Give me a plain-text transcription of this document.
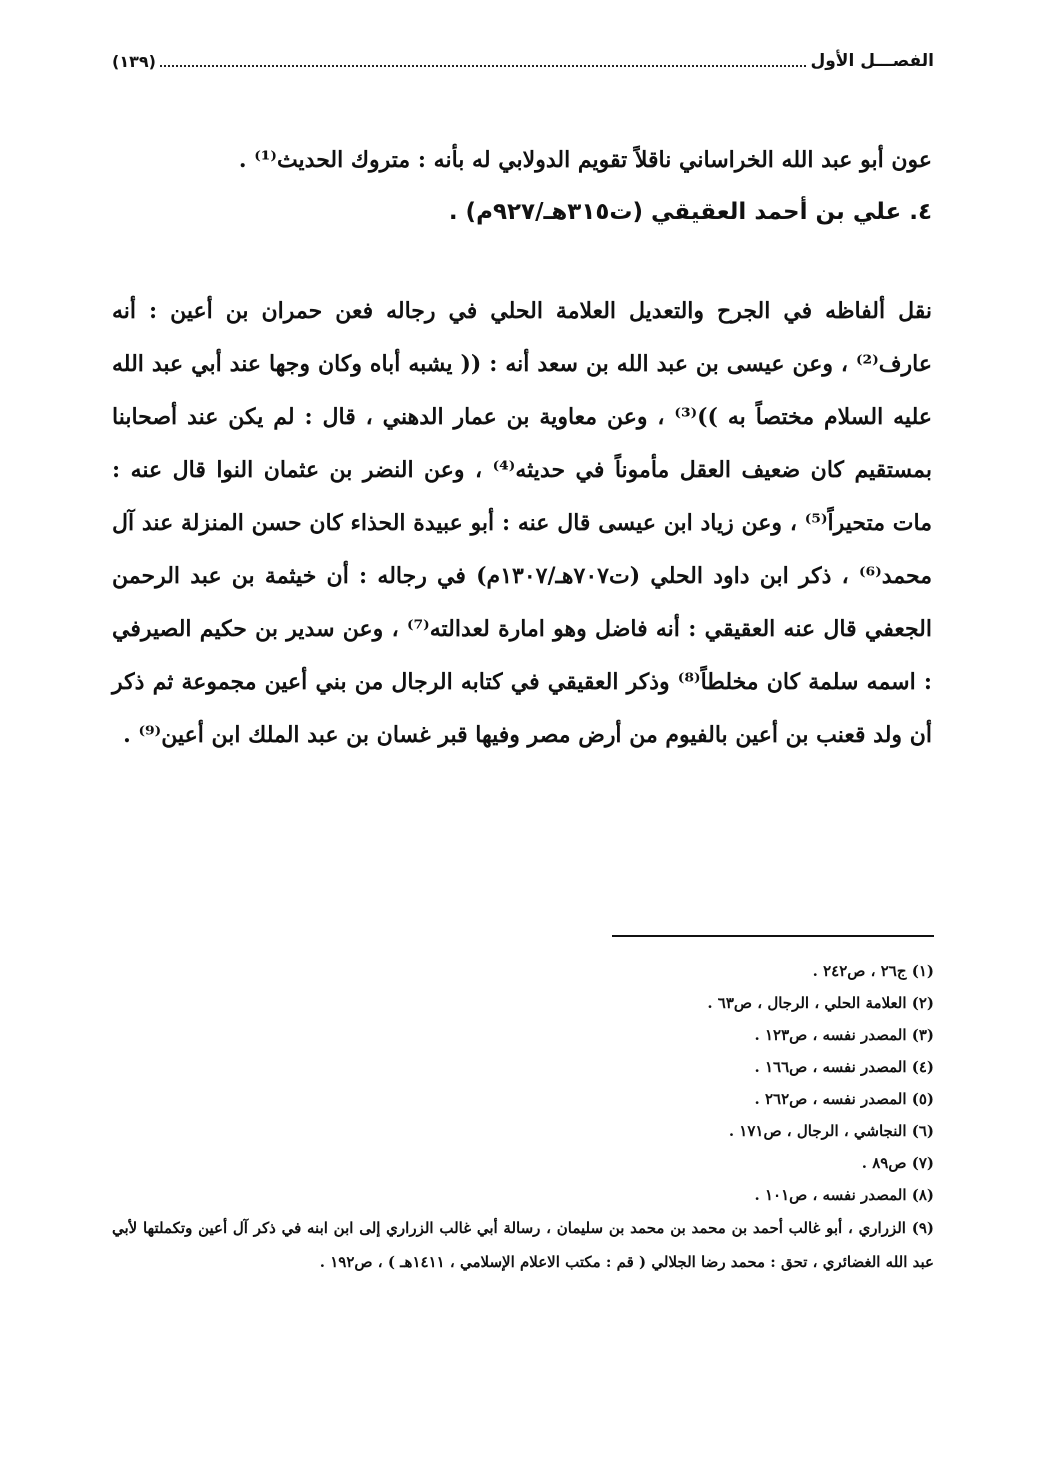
الفصـــل الأول
(١٣٩)

عون أبو عبد الله الخراساني ناقلاً تقويم الدولابي له بأنه : متروك الحديث⁽¹⁾ .

٤. علي بن أحمد العقيقي (ت٣١٥هـ/٩٢٧م) .

نقل ألفاظه في الجرح والتعديل العلامة الحلي في رجاله فعن حمران بن أعين : أنه عارف⁽²⁾ ، وعن عيسى بن عبد الله بن سعد أنه : (( يشبه أباه وكان وجها عند أبي عبد الله عليه السلام مختصاً به ))⁽³⁾ ، وعن معاوية بن عمار الدهني ، قال : لم يكن عند أصحابنا بمستقيم كان ضعيف العقل مأموناً في حديثه⁽⁴⁾ ، وعن النضر بن عثمان النوا قال عنه : مات متحيراً⁽⁵⁾ ، وعن زياد ابن عيسى قال عنه : أبو عبيدة الحذاء كان حسن المنزلة عند آل محمد⁽⁶⁾ ، ذكر ابن داود الحلي (ت٧٠٧هـ/١٣٠٧م) في رجاله : أن خيثمة بن عبد الرحمن الجعفي قال عنه العقيقي : أنه فاضل وهو امارة لعدالته⁽⁷⁾ ، وعن سدير بن حكيم الصيرفي : اسمه سلمة كان مخلطاً⁽⁸⁾ وذكر العقيقي في كتابه الرجال من بني أعين مجموعة ثم ذكر أن ولد قعنب بن أعين بالفيوم من أرض مصر وفيها قبر غسان بن عبد الملك ابن أعين⁽⁹⁾ .

(١) ج٢٦ ، ص٢٤٢ .
(٢) العلامة الحلي ، الرجال ، ص٦٣ .
(٣) المصدر نفسه ، ص١٢٣ .
(٤) المصدر نفسه ، ص١٦٦ .
(٥) المصدر نفسه ، ص٢٦٢ .
(٦) النجاشي ، الرجال ، ص١٧١ .
(٧) ص٨٩ .
(٨) المصدر نفسه ، ص١٠١ .
(٩) الزراري ، أبو غالب أحمد بن محمد بن محمد بن سليمان ، رسالة أبي غالب الزراري إلى ابن ابنه في ذكر آل أعين وتكملتها لأبي عبد الله الغضائري ، تحق : محمد رضا الجلالي ( قم : مكتب الاعلام الإسلامي ، ١٤١١هـ ) ، ص١٩٢ .
